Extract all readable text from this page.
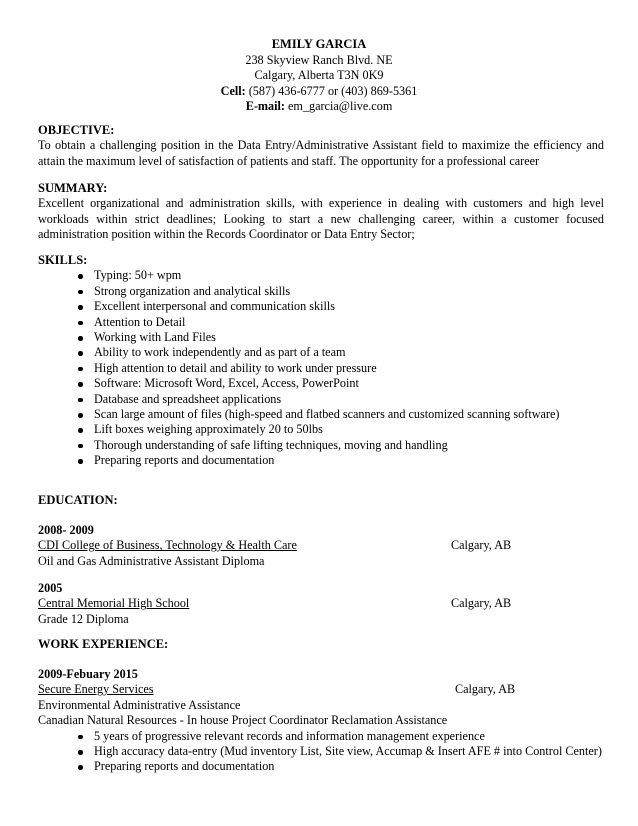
EMILY GARCIA
238 Skyview Ranch Blvd. NE
Calgary, Alberta T3N 0K9
Cell: (587) 436-6777 or (403) 869-5361
E-mail: em_garcia@live.com
OBJECTIVE:
To obtain a challenging position in the Data Entry/Administrative Assistant field to maximize the efficiency and attain the maximum level of satisfaction of patients and staff. The opportunity for a professional career
SUMMARY:
Excellent organizational and administration skills, with experience in dealing with customers and high level workloads within strict deadlines; Looking to start a new challenging career, within a customer focused administration position within the Records Coordinator or Data Entry Sector;
SKILLS:
Typing: 50+ wpm
Strong organization and analytical skills
Excellent interpersonal and communication skills
Attention to Detail
Working with Land Files
Ability to work independently and as part of a team
High attention to detail and ability to work under pressure
Software: Microsoft Word, Excel, Access, PowerPoint
Database and spreadsheet applications
Scan large amount of files (high-speed and flatbed scanners and customized scanning software)
Lift boxes weighing approximately 20 to 50lbs
Thorough understanding of safe lifting techniques, moving and handling
Preparing reports and documentation
EDUCATION:
2008- 2009
CDI College of Business, Technology & Health Care	Calgary, AB
Oil and Gas Administrative Assistant Diploma
2005
Central Memorial High School	Calgary, AB
Grade 12 Diploma
WORK EXPERIENCE:
2009-Febuary 2015
Secure Energy Services	Calgary, AB
Environmental Administrative Assistance
Canadian Natural Resources - In house Project Coordinator Reclamation Assistance
5 years of progressive relevant records and information management experience
High accuracy data-entry (Mud inventory List, Site view, Accumap & Insert AFE # into Control Center)
Preparing reports and documentation
